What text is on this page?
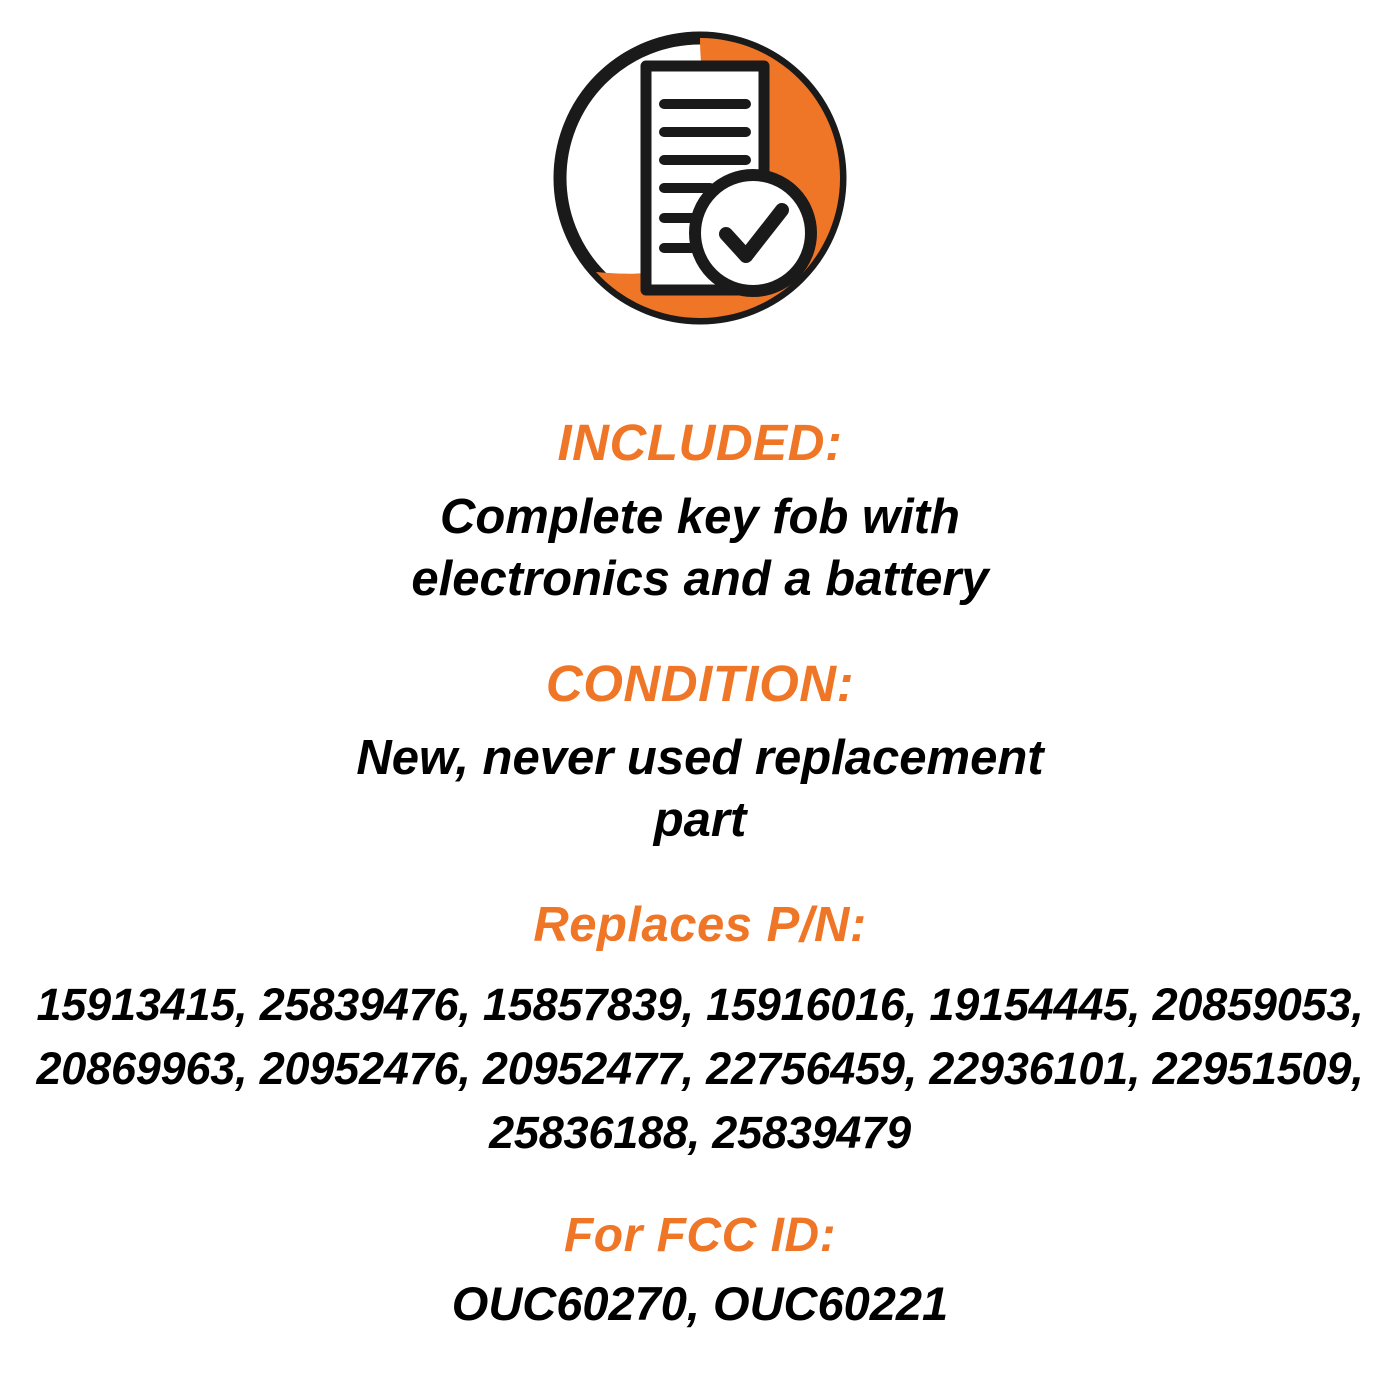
INCLUDED:
Complete key fob with electronics and a battery
CONDITION:
New, never used replacement part
Replaces P/N:
15913415, 25839476, 15857839, 15916016, 19154445, 20859053, 20869963, 20952476, 20952477, 22756459, 22936101, 22951509, 25836188, 25839479
For FCC ID:
OUC60270, OUC60221
